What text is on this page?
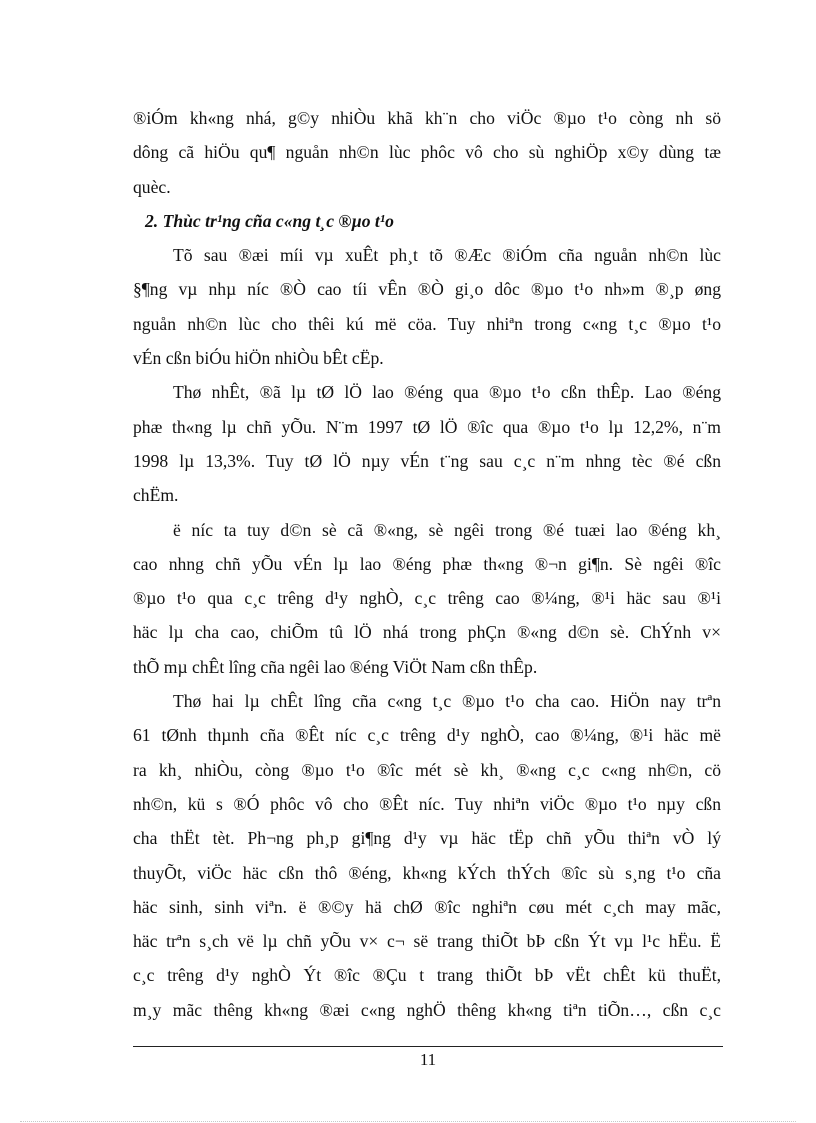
®iÓm kh«ng nhá, g©y nhiÒu khã kh¨n cho viÖc ®µo t¹o còng nh sö
dông cã hiÖu qu¶ nguån nh©n lùc phôc vô cho sù nghiÖp x©y dùng tæ
quèc.
2. Thùc tr¹ng cña c«ng t¸c ®µo t¹o
Tõ sau ®æi míi vµ xuÊt ph¸t tõ ®Æc ®iÓm cña nguån nh©n lùc
§¶ng vµ nhµ níc ®Ò cao tíi vÊn ®Ò gi¸o dôc ®µo t¹o nh»m ®¸p øng
nguån nh©n lùc cho thêi kú më cöa. Tuy nhiªn trong c«ng t¸c ®µo t¹o
vÉn cßn biÓu hiÖn nhiÒu bÊt cËp.
Thø nhÊt, ®ã lµ tØ lÖ lao ®éng qua ®µo t¹o cßn thÊp. Lao ®éng
phæ th«ng lµ chñ yÕu. N¨m 1997 tØ lÖ ®îc qua ®µo t¹o lµ 12,2%, n¨m
1998 lµ 13,3%. Tuy tØ lÖ nµy vÉn t¨ng sau c¸c n¨m nhng tèc ®é cßn
chËm.
ë níc ta tuy d©n sè cã ®«ng, sè ngêi trong ®é tuæi lao ®éng kh¸
cao nhng chñ yÕu vÉn lµ lao ®éng phæ th«ng ®¬n gi¶n. Sè ngêi ®îc
®µo t¹o qua c¸c trêng d¹y nghÒ, c¸c trêng cao ®¼ng, ®¹i häc sau ®¹i
häc lµ cha cao, chiÕm tû lÖ nhá trong phÇn ®«ng d©n sè. ChÝnh v×
thÕ mµ chÊt lîng cña ngêi lao ®éng ViÖt Nam cßn thÊp.
Thø hai lµ chÊt lîng cña c«ng t¸c ®µo t¹o cha cao. HiÖn nay trªn
61 tØnh thµnh cña ®Êt níc c¸c trêng d¹y nghÒ, cao ®¼ng, ®¹i häc më
ra kh¸ nhiÒu, còng ®µo t¹o ®îc mét sè kh¸ ®«ng c¸c c«ng nh©n, cö
nh©n, kü s ®Ó phôc vô cho ®Êt níc. Tuy nhiªn viÖc ®µo t¹o nµy cßn
cha thËt tèt. Ph¬ng ph¸p gi¶ng d¹y vµ häc tËp chñ yÕu thiªn vÒ lý
thuyÕt, viÖc häc cßn thô ®éng, kh«ng kÝch thÝch ®îc sù s¸ng t¹o cña
häc sinh, sinh viªn. ë ®©y hä chØ ®îc nghiªn cøu mét c¸ch may mãc,
häc trªn s¸ch vë lµ chñ yÕu v× c¬ së trang thiÕt bÞ cßn Ýt vµ l¹c hËu. Ë
c¸c trêng d¹y nghÒ Ýt ®îc ®Çu t trang thiÕt bÞ vËt chÊt kü thuËt,
m¸y mãc thêng kh«ng ®æi c«ng nghÖ thêng kh«ng tiªn tiÕn…, cßn c¸c
11
